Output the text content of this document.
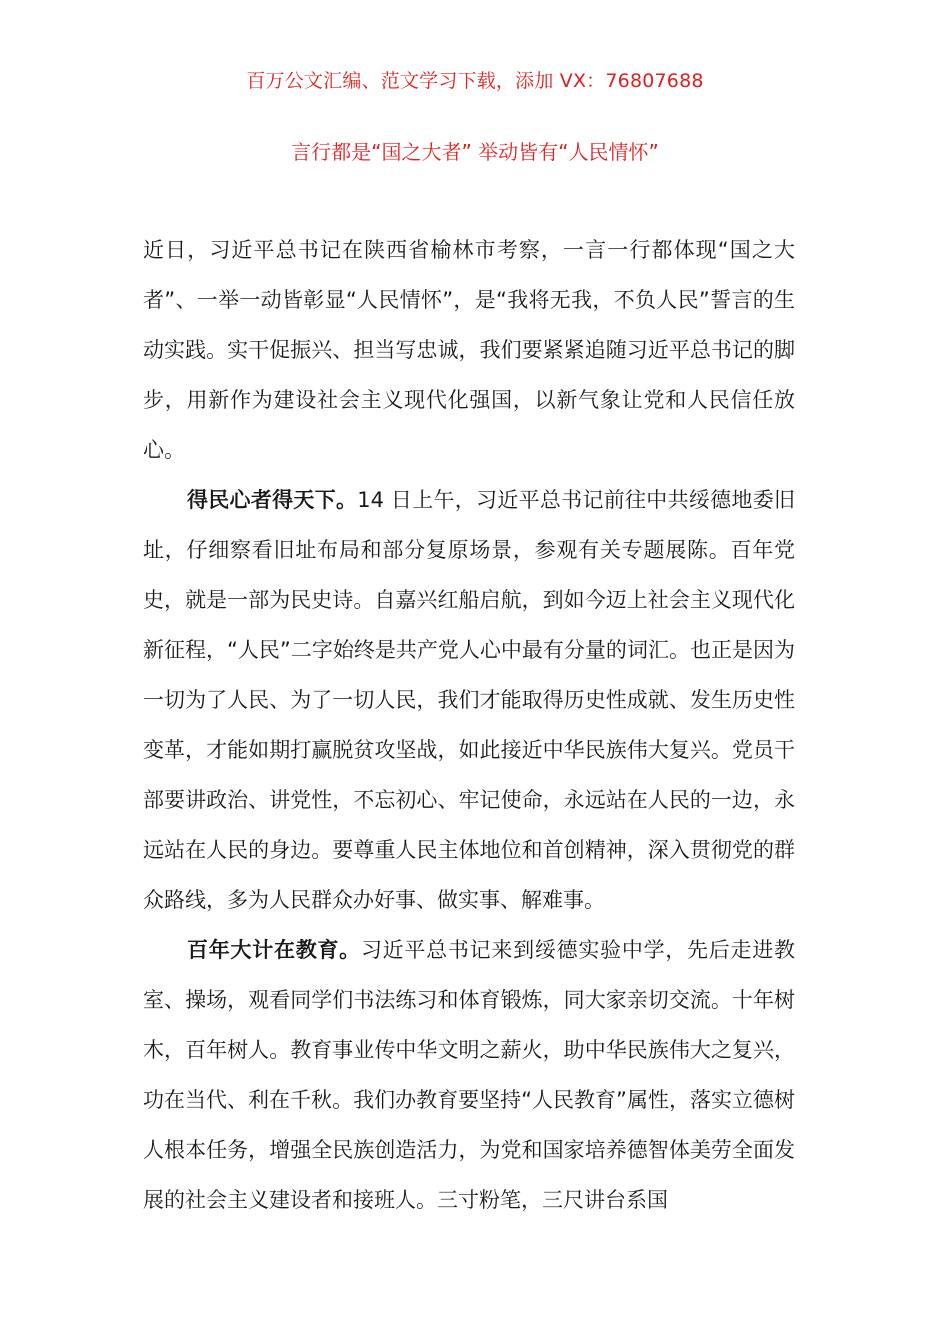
百万公文汇编、范文学习下载，添加 VX：76807688
言行都是“国之大者” 举动皆有“人民情怀”

近日，习近平总书记在陕西省榆林市考察，一言一行都体现“国之大者”、一举一动皆彰显“人民情怀”，是“我将无我，不负人民”誓言的生动实践。实干促振兴、担当写忠诚，我们要紧紧追随习近平总书记的脚步，用新作为建设社会主义现代化强国，以新气象让党和人民信任放心。

得民心者得天下。14 日上午，习近平总书记前往中共绥德地委旧址，仔细察看旧址布局和部分复原场景，参观有关专题展陈。百年党史，就是一部为民史诗。自嘉兴红船启航，到如今迈上社会主义现代化新征程，“人民”二字始终是共产党人心中最有分量的词汇。也正是因为一切为了人民、为了一切人民，我们才能取得历史性成就、发生历史性变革，才能如期打赢脱贫攻坚战，如此接近中华民族伟大复兴。党员干部要讲政治、讲党性，不忘初心、牢记使命，永远站在人民的一边，永远站在人民的身边。要尊重人民主体地位和首创精神，深入贯彻党的群众路线，多为人民群众办好事、做实事、解难事。

百年大计在教育。习近平总书记来到绥德实验中学，先后走进教室、操场，观看同学们书法练习和体育锻炼，同大家亲切交流。十年树木，百年树人。教育事业传中华文明之薪火，助中华民族伟大之复兴，功在当代、利在千秋。我们办教育要坚持“人民教育”属性，落实立德树人根本任务，增强全民族创造活力，为党和国家培养德智体美劳全面发展的社会主义建设者和接班人。三寸粉笔，三尺讲台系国
